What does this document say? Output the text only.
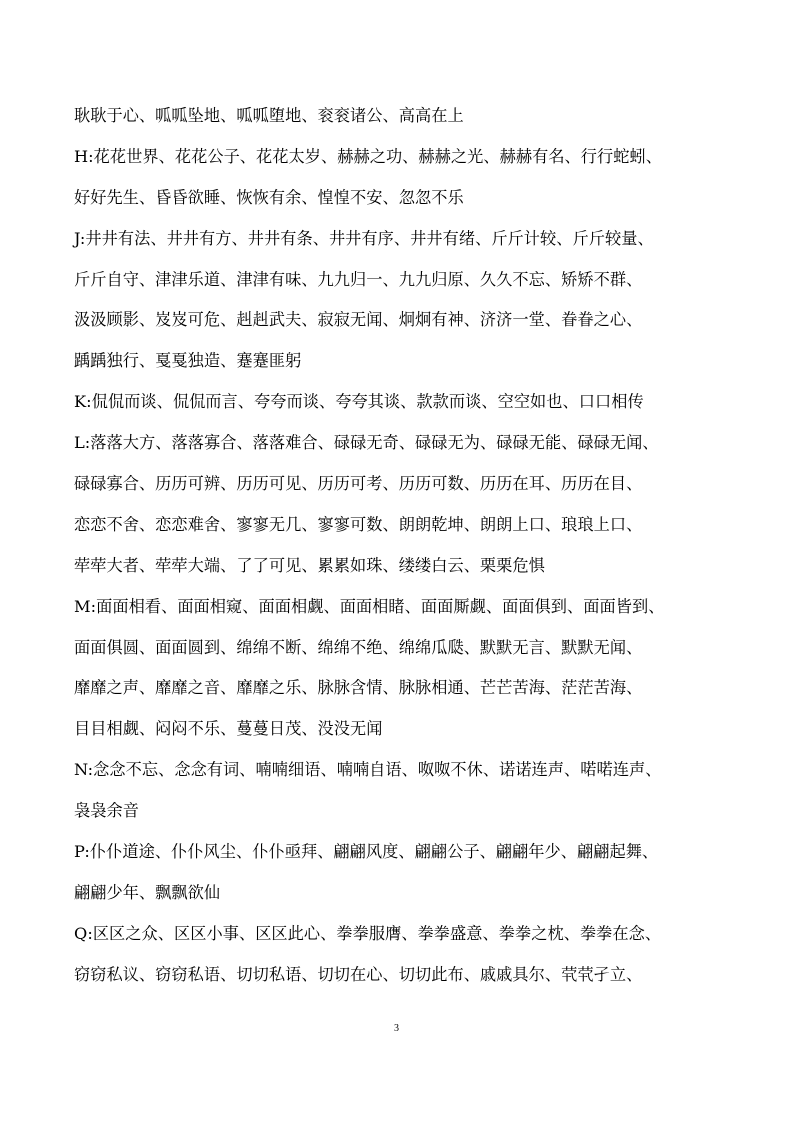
耿耿于心、呱呱坠地、呱呱堕地、衮衮诸公、高高在上
H:花花世界、花花公子、花花太岁、赫赫之功、赫赫之光、赫赫有名、行行蛇蚓、
好好先生、昏昏欲睡、恢恢有余、惶惶不安、忽忽不乐
J:井井有法、井井有方、井井有条、井井有序、井井有绪、斤斤计较、斤斤较量、
斤斤自守、津津乐道、津津有味、九九归一、九九归原、久久不忘、矫矫不群、
汲汲顾影、岌岌可危、赳赳武夫、寂寂无闻、炯炯有神、济济一堂、眷眷之心、
踽踽独行、戛戛独造、蹇蹇匪躬
K:侃侃而谈、侃侃而言、夸夸而谈、夸夸其谈、款款而谈、空空如也、口口相传
L:落落大方、落落寡合、落落难合、碌碌无奇、碌碌无为、碌碌无能、碌碌无闻、
碌碌寡合、历历可辨、历历可见、历历可考、历历可数、历历在耳、历历在目、
恋恋不舍、恋恋难舍、寥寥无几、寥寥可数、朗朗乾坤、朗朗上口、琅琅上口、
荦荦大者、荦荦大端、了了可见、累累如珠、缕缕白云、栗栗危惧
M:面面相看、面面相窥、面面相觑、面面相睹、面面厮觑、面面俱到、面面皆到、
面面俱圆、面面圆到、绵绵不断、绵绵不绝、绵绵瓜瓞、默默无言、默默无闻、
靡靡之声、靡靡之音、靡靡之乐、脉脉含情、脉脉相通、芒芒苦海、茫茫苦海、
目目相觑、闷闷不乐、蔓蔓日茂、没没无闻
N:念念不忘、念念有词、喃喃细语、喃喃自语、呶呶不休、诺诺连声、喏喏连声、
袅袅余音
P:仆仆道途、仆仆风尘、仆仆亟拜、翩翩风度、翩翩公子、翩翩年少、翩翩起舞、
翩翩少年、飘飘欲仙
Q:区区之众、区区小事、区区此心、拳拳服膺、拳拳盛意、拳拳之枕、拳拳在念、
窃窃私议、窃窃私语、切切私语、切切在心、切切此布、戚戚具尔、茕茕孑立、
3
